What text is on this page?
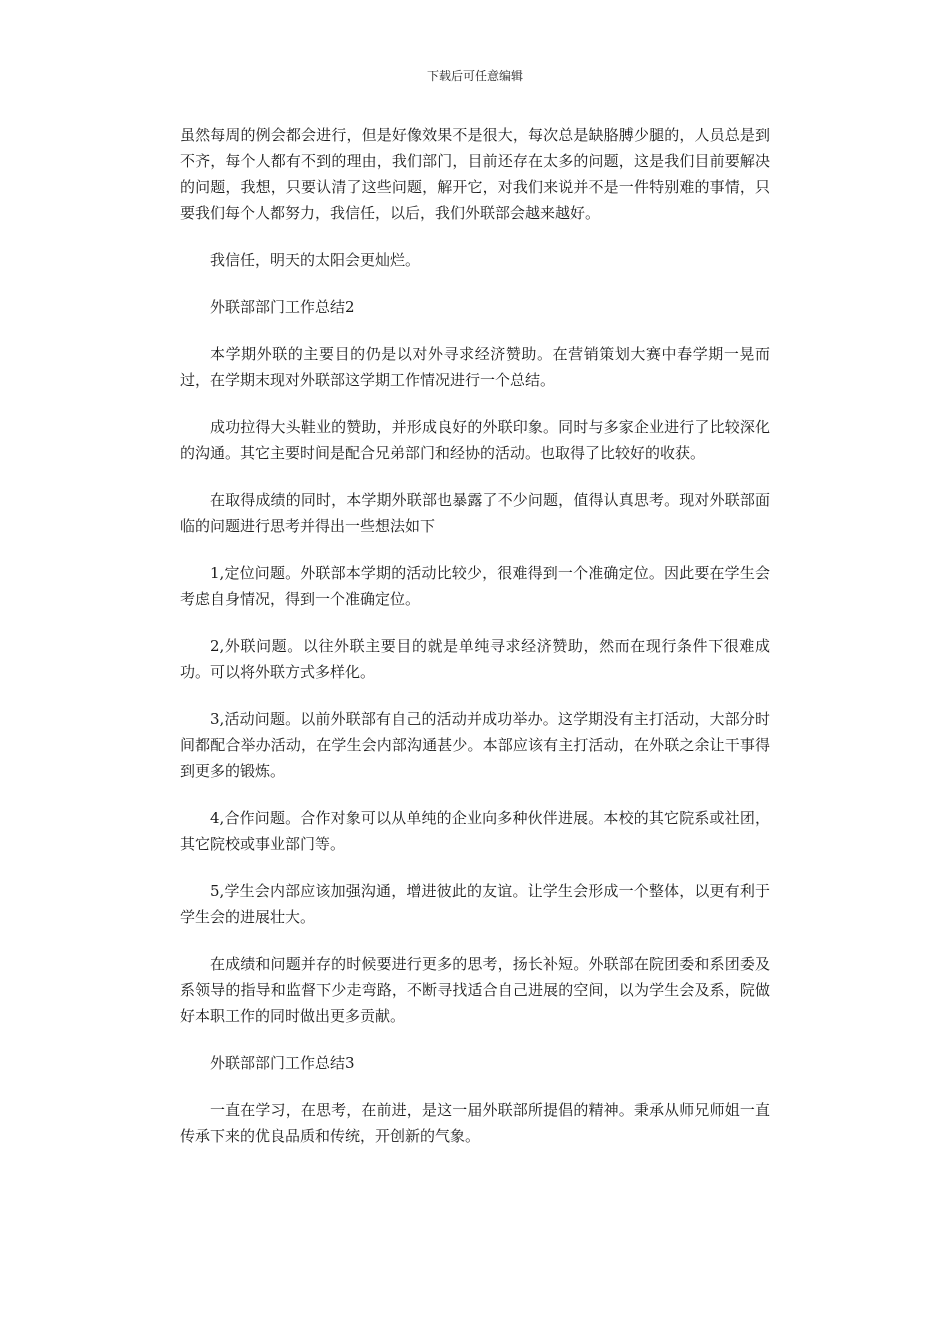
下载后可任意编辑

虽然每周的例会都会进行，但是好像效果不是很大，每次总是缺胳膊少腿的，人员总是到不齐，每个人都有不到的理由，我们部门，目前还存在太多的问题，这是我们目前要解决的问题，我想，只要认清了这些问题，解开它，对我们来说并不是一件特别难的事情，只要我们每个人都努力，我信任，以后，我们外联部会越来越好。

我信任，明天的太阳会更灿烂。

外联部部门工作总结2

本学期外联的主要目的仍是以对外寻求经济赞助。在营销策划大赛中春学期一晃而过，在学期末现对外联部这学期工作情况进行一个总结。

成功拉得大头鞋业的赞助，并形成良好的外联印象。同时与多家企业进行了比较深化的沟通。其它主要时间是配合兄弟部门和经协的活动。也取得了比较好的收获。

在取得成绩的同时，本学期外联部也暴露了不少问题，值得认真思考。现对外联部面临的问题进行思考并得出一些想法如下

1,定位问题。外联部本学期的活动比较少，很难得到一个准确定位。因此要在学生会考虑自身情况，得到一个准确定位。

2,外联问题。以往外联主要目的就是单纯寻求经济赞助，然而在现行条件下很难成功。可以将外联方式多样化。

3,活动问题。以前外联部有自己的活动并成功举办。这学期没有主打活动，大部分时间都配合举办活动，在学生会内部沟通甚少。本部应该有主打活动，在外联之余让干事得到更多的锻炼。

4,合作问题。合作对象可以从单纯的企业向多种伙伴进展。本校的其它院系或社团，其它院校或事业部门等。

5,学生会内部应该加强沟通，增进彼此的友谊。让学生会形成一个整体，以更有利于学生会的进展壮大。

在成绩和问题并存的时候要进行更多的思考，扬长补短。外联部在院团委和系团委及系领导的指导和监督下少走弯路，不断寻找适合自己进展的空间，以为学生会及系，院做好本职工作的同时做出更多贡献。

外联部部门工作总结3

一直在学习，在思考，在前进，是这一届外联部所提倡的精神。秉承从师兄师姐一直传承下来的优良品质和传统，开创新的气象。
